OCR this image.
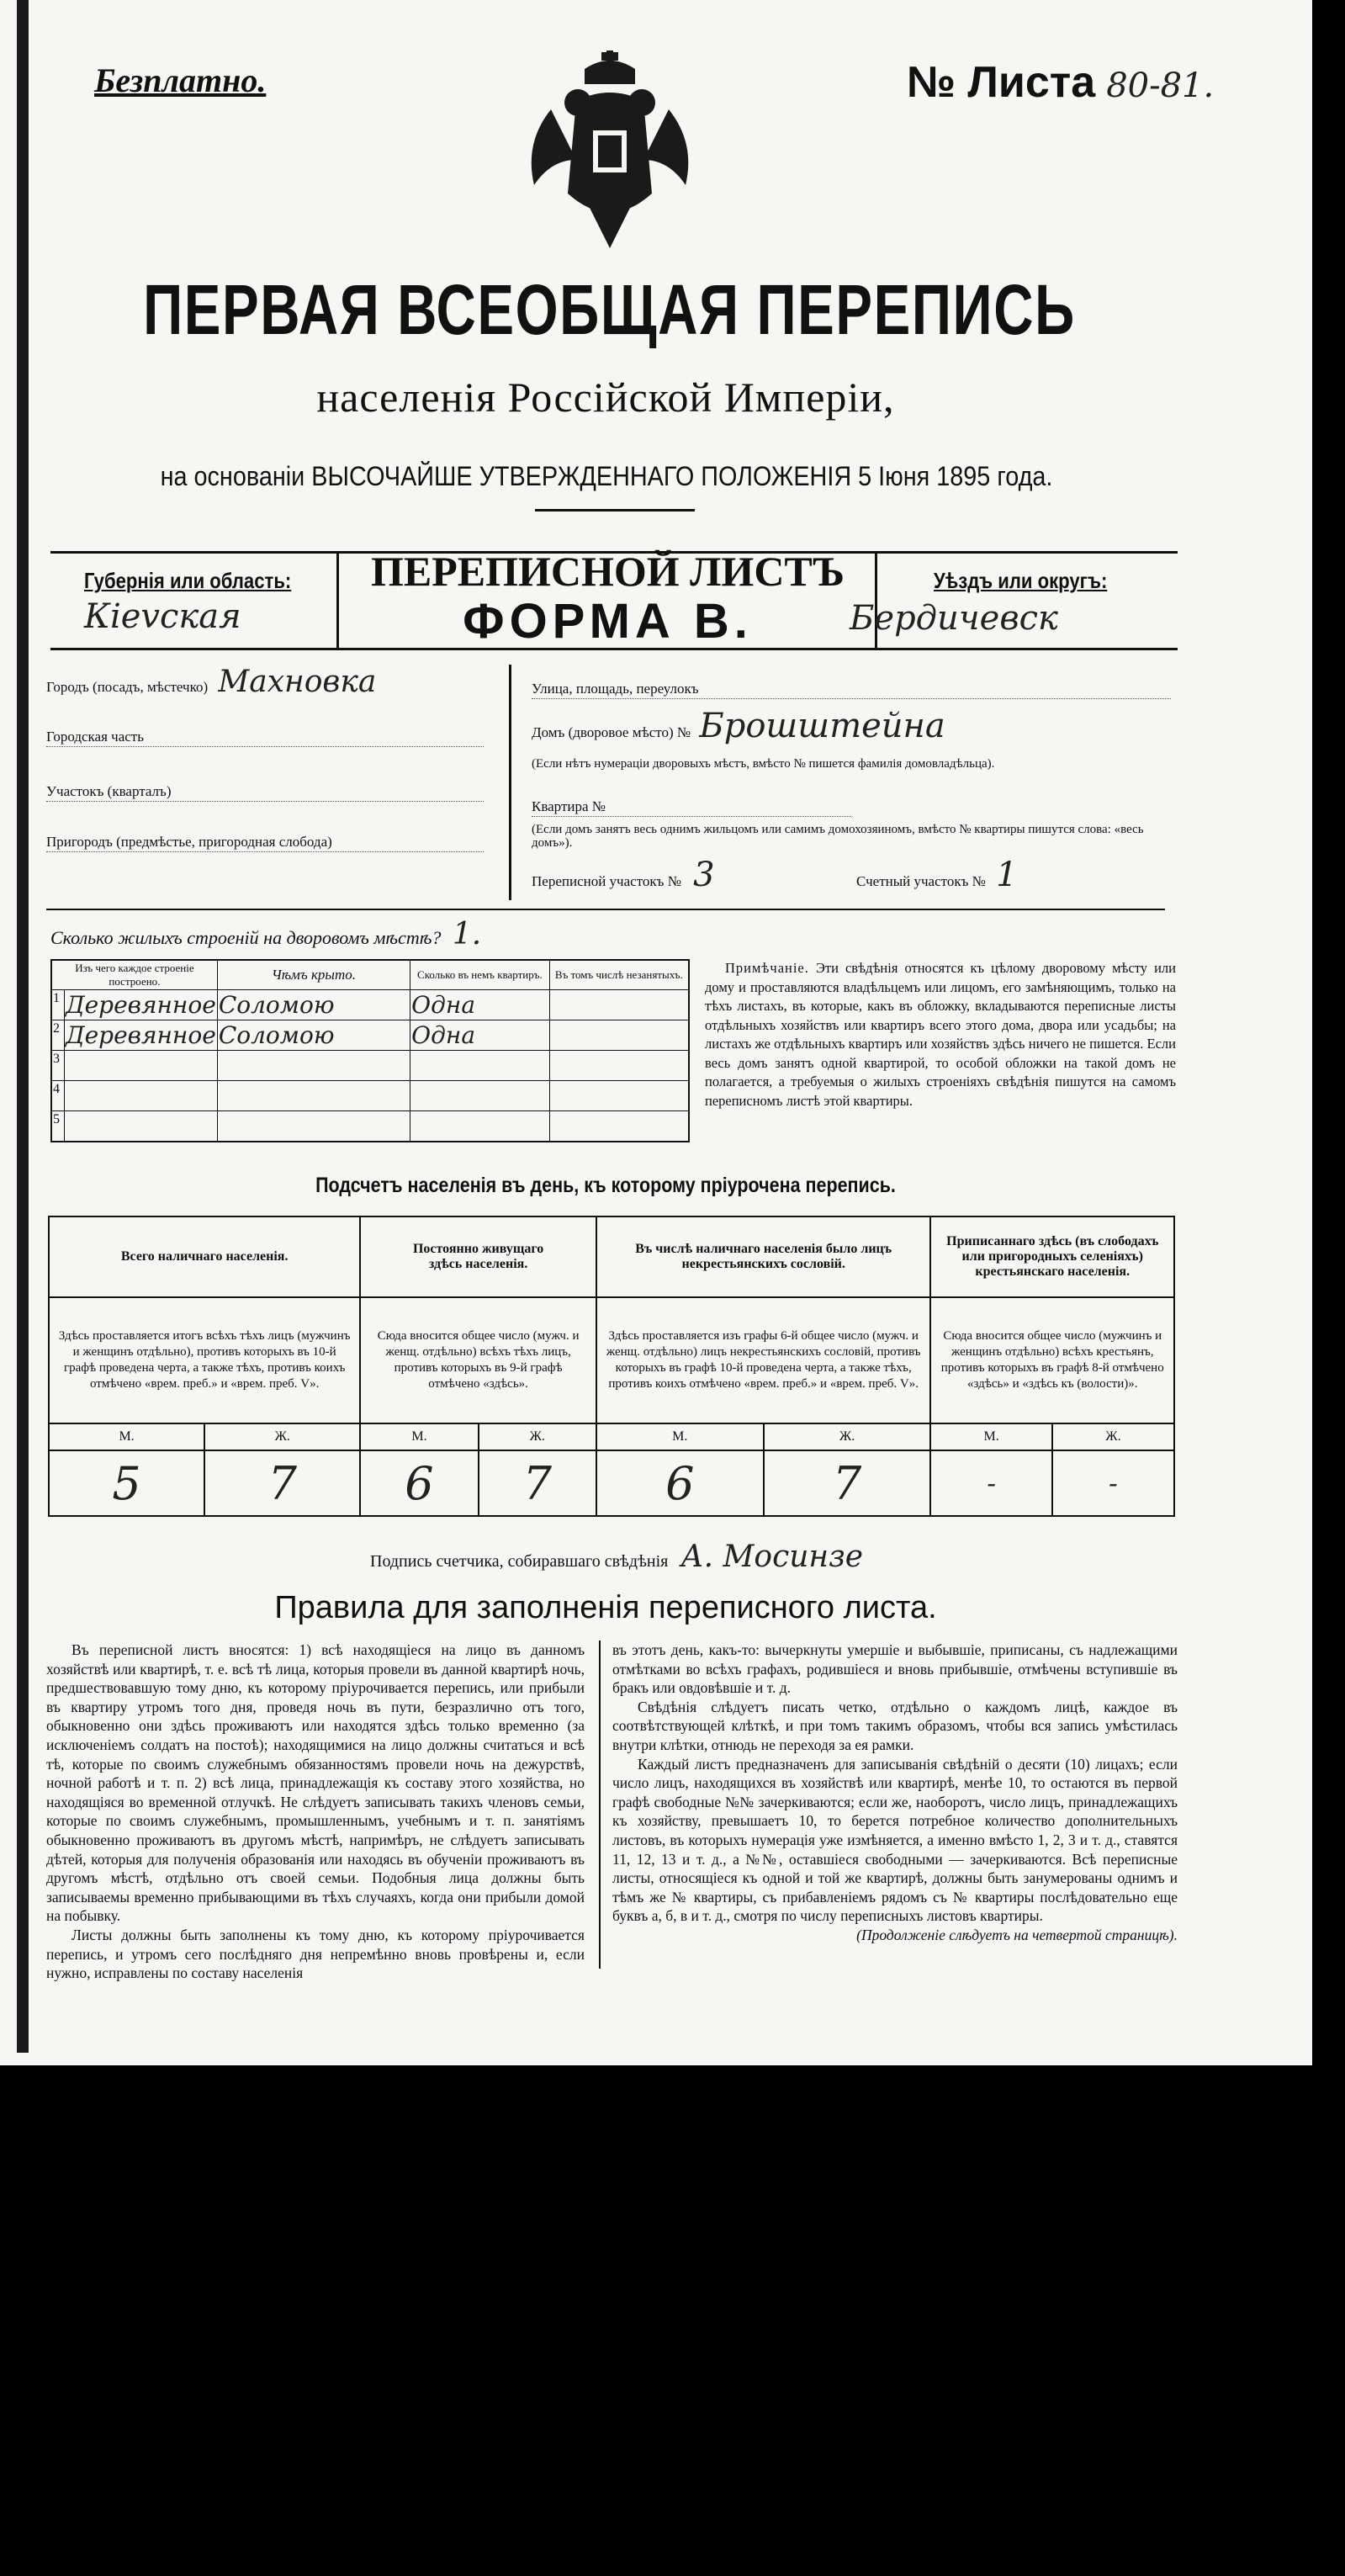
Безплатно.	№ Листа 80-81.
ПЕРВАЯ ВСЕОБЩАЯ ПЕРЕПИСЬ
населенія Россійской Имперіи,
на основаніи ВЫСОЧАЙШЕ УТВЕРЖДЕННАГО ПОЛОЖЕНІЯ 5 Іюня 1895 года.
Губернія или область:
Кievская
ПЕРЕПИСНОЙ ЛИСТЪ
ФОРМА В.
Уѣздъ или округъ:
Бердичевск
Городъ (посадъ, мѣстечко) Махновка
Городская часть
Участокъ (кварталъ)
Пригородъ (предмѣстье, пригородная слобода)
Улица, площадь, переулокъ
Домъ (дворовое мѣсто) № Брошштейна
(Если нѣтъ нумераціи дворовыхъ мѣстъ, вмѣсто № пишется фамилія домовладѣльца).
Квартира №
(Если домъ занятъ весь однимъ жильцомъ или самимъ домохозяиномъ, вмѣсто № квартиры пишутся слова: «весь домъ»).
Переписной участокъ № 3	Счетный участокъ № 1
Сколько жилыхъ строеній на дворовомъ мѣстѣ? 1.
Изъ чего каждое строеніе построено.		Чѣмъ крыто.	Сколько въ немъ квартиръ.	Въ томъ числѣ незанятыхъ.
1	Деревянное	Соломою	Одна	
2	Деревянное	Соломою	Одна	
3				
4				
5				
Примѣчаніе. Эти свѣдѣнія относятся къ цѣлому дворовому мѣсту или дому и проставляются владѣльцемъ или лицомъ, его замѣняющимъ, только на тѣхъ листахъ, въ которые, какъ въ обложку, вкладываются переписные листы отдѣльныхъ хозяйствъ или квартиръ всего этого дома, двора или усадьбы; на листахъ же отдѣльныхъ квартиръ или хозяйствъ здѣсь ничего не пишется. Если весь домъ занятъ одной квартирой, то особой обложки на такой домъ не полагается, а требуемыя о жилыхъ строеніяхъ свѣдѣнія пишутся на самомъ переписномъ листѣ этой квартиры.
Подсчетъ населенія въ день, къ которому пріурочена перепись.
Всего наличнаго населенія.		Постоянно живущаго здѣсь населенія.		Въ числѣ наличнаго населенія было лицъ некрестьянскихъ сословій.		Приписаннаго здѣсь (въ слободахъ или пригородныхъ селеніяхъ) крестьянскаго населенія.	
Здѣсь проставляется итогъ всѣхъ тѣхъ лицъ (мужчинъ и женщинъ отдѣльно), противъ которыхъ въ 10-й графѣ проведена черта, а также тѣхъ, противъ коихъ отмѣчено «врем. преб.» и «врем. преб. V».		Сюда вносится общее число (мужч. и женщ. отдѣльно) всѣхъ тѣхъ лицъ, противъ которыхъ въ 9-й графѣ отмѣчено «здѣсь».		Здѣсь проставляется изъ графы 6-й общее число (мужч. и женщ. отдѣльно) лицъ некрестьянскихъ сословій, противъ которыхъ въ графѣ 10-й проведена черта, а также тѣхъ, противъ коихъ отмѣчено «врем. преб.» и «врем. преб. V».		Сюда вносится общее число (мужчинъ и женщинъ отдѣльно) всѣхъ крестьянъ, противъ которыхъ въ графѣ 8-й отмѣчено «здѣсь» и «здѣсь къ (волости)».	
М.	Ж.	М.	Ж.	М.	Ж.	М.	Ж.
5	7	6	7	6	7	-	-
Подпись счетчика, собиравшаго свѣдѣнія А. Мосинзе
Правила для заполненія переписного листа.

Въ переписной листъ вносятся: 1) всѣ находящіеся на лицо въ данномъ хозяйствѣ или квартирѣ, т. е. всѣ тѣ лица, которыя провели въ данной квартирѣ ночь, предшествовавшую тому дню, къ которому пріурочивается перепись, или прибыли въ квартиру утромъ того дня, проведя ночь въ пути, безразлично отъ того, обыкновенно они здѣсь проживаютъ или находятся здѣсь только временно (за исключеніемъ солдатъ на постоѣ); находящимися на лицо должны считаться и всѣ тѣ, которые по своимъ служебнымъ обязанностямъ провели ночь на дежурствѣ, ночной работѣ и т. п. 2) всѣ лица, принадлежащія къ составу этого хозяйства, но находящіяся во временной отлучкѣ. Не слѣдуетъ записывать такихъ членовъ семьи, которые по своимъ служебнымъ, промышленнымъ, учебнымъ и т. п. занятіямъ обыкновенно проживаютъ въ другомъ мѣстѣ, напримѣръ, не слѣдуетъ записывать дѣтей, которыя для полученія образованія или находясь въ обученіи проживаютъ въ другомъ мѣстѣ, отдѣльно отъ своей семьи. Подобныя лица должны быть записываемы временно прибывающими въ тѣхъ случаяхъ, когда они прибыли домой на побывку.

Листы должны быть заполнены къ тому дню, къ которому пріурочивается перепись, и утромъ сего послѣдняго дня непремѣнно вновь провѣрены и, если нужно, исправлены по составу населенія

въ этотъ день, какъ-то: вычеркнуты умершіе и выбывшіе, приписаны, съ надлежащими отмѣтками во всѣхъ графахъ, родившіеся и вновь прибывшіе, отмѣчены вступившіе въ бракъ или овдовѣвшіе и т. д.

Свѣдѣнія слѣдуетъ писать четко, отдѣльно о каждомъ лицѣ, каждое въ соотвѣтствующей клѣткѣ, и при томъ такимъ образомъ, чтобы вся запись умѣстилась внутри клѣтки, отнюдь не переходя за ея рамки.

Каждый листъ предназначенъ для записыванія свѣдѣній о десяти (10) лицахъ; если число лицъ, находящихся въ хозяйствѣ или квартирѣ, менѣе 10, то остаются въ первой графѣ свободные №№ зачеркиваются; если же, наоборотъ, число лицъ, принадлежащихъ къ хозяйству, превышаетъ 10, то берется потребное количество дополнительныхъ листовъ, въ которыхъ нумерація уже измѣняется, а именно вмѣсто 1, 2, 3 и т. д., ставятся 11, 12, 13 и т. д., а №№, оставшіеся свободными — зачеркиваются. Всѣ переписные листы, относящіеся къ одной и той же квартирѣ, должны быть занумерованы однимъ и тѣмъ же № квартиры, съ прибавленіемъ рядомъ съ № квартиры послѣдовательно еще буквъ а, б, в и т. д., смотря по числу переписныхъ листовъ квартиры.

(Продолженіе слѣдуетъ на четвертой страницѣ).
